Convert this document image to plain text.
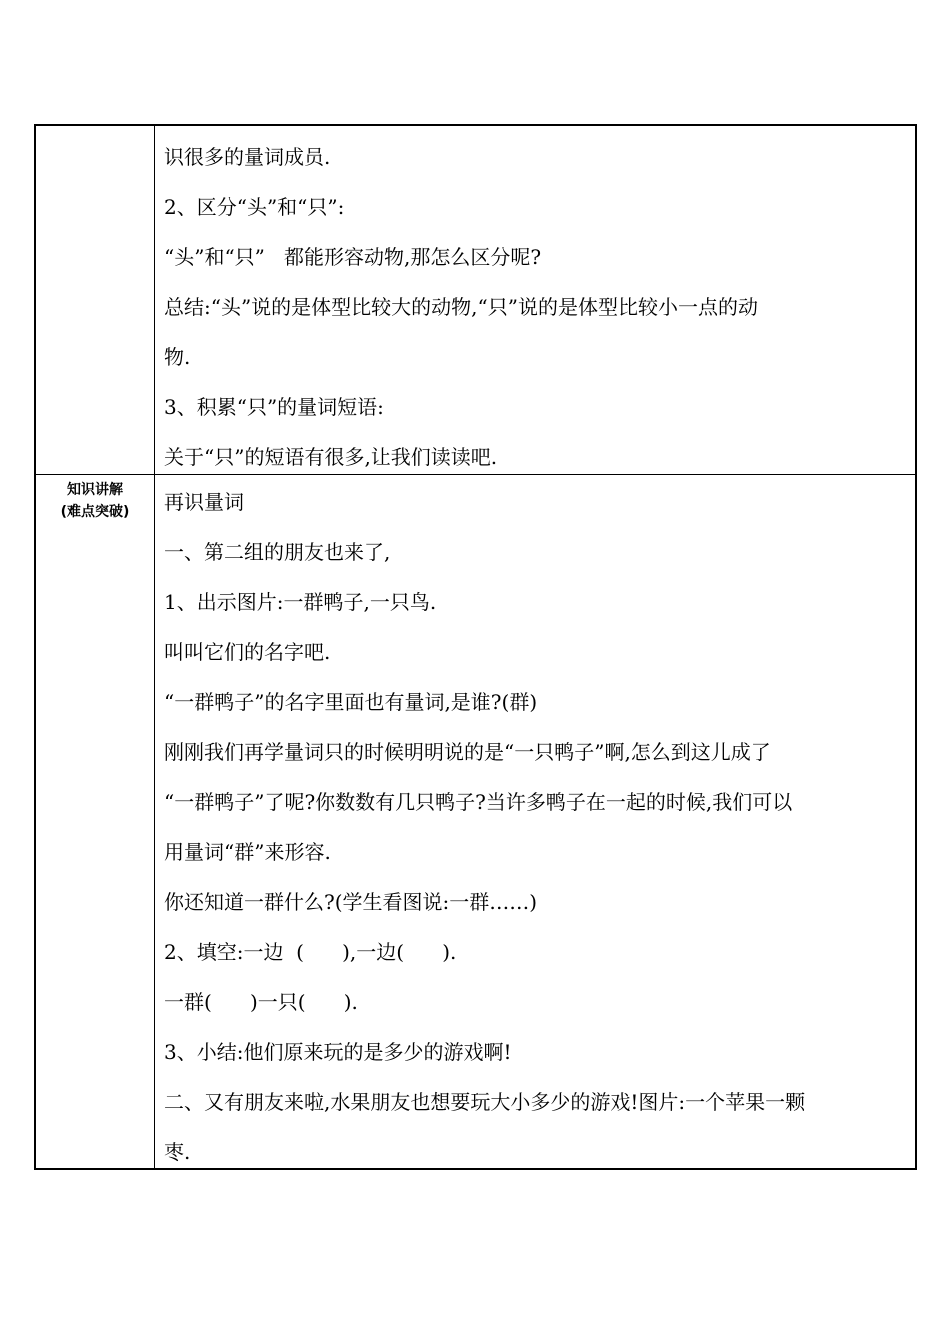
识很多的量词成员.
2、区分“头”和“只”:
“头”和“只”   都能形容动物,那怎么区分呢?
总结:“头”说的是体型比较大的动物,“只”说的是体型比较小一点的动
物.
3、积累“只”的量词短语:
关于“只”的短语有很多,让我们读读吧.
知识讲解
(难点突破)	再识量词
一、第二组的朋友也来了,
1、出示图片:一群鸭子,一只鸟.
叫叫它们的名字吧.
“一群鸭子”的名字里面也有量词,是谁?(群)
刚刚我们再学量词只的时候明明说的是“一只鸭子”啊,怎么到这儿成了
“一群鸭子”了呢?你数数有几只鸭子?当许多鸭子在一起的时候,我们可以
用量词“群”来形容.
你还知道一群什么?(学生看图说:一群……)
2、填空:一边  (      ),一边(      ).
一群(      )一只(      ).
3、小结:他们原来玩的是多少的游戏啊!
二、又有朋友来啦,水果朋友也想要玩大小多少的游戏!图片:一个苹果一颗
枣.
